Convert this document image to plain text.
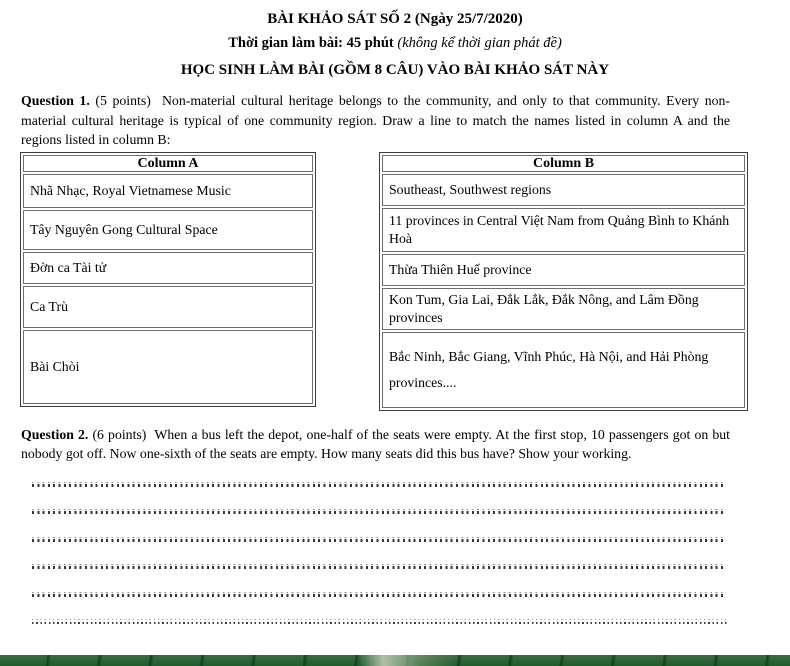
BÀI KHẢO SÁT SỐ 2 (Ngày 25/7/2020)
Thời gian làm bài: 45 phút (không kể thời gian phát đề)
HỌC SINH LÀM BÀI (GỒM 8 CÂU) VÀO BÀI KHẢO SÁT NÀY

Question 1. (5 points) Non-material cultural heritage belongs to the community, and only to that community. Every non-material cultural heritage is typical of one community region. Draw a line to match the names listed in column A and the regions listed in column B:

Column A
Nhã Nhạc, Royal Vietnamese Music
Tây Nguyên Gong Cultural Space
Đờn ca Tài tử
Ca Trù
Bài Chòi
Column B
Southeast, Southwest regions
11 provinces in Central Việt Nam from Quảng Bình to Khánh Hoà
Thừa Thiên Huế province
Kon Tum, Gia Lai, Đắk Lắk, Đắk Nông, and Lâm Đồng provinces
Bắc Ninh, Bắc Giang, Vĩnh Phúc, Hà Nội, and Hải Phòng provinces....

Question 2. (6 points) When a bus left the depot, one-half of the seats were empty. At the first stop, 10 passengers got on but nobody got off. Now one-sixth of the seats are empty. How many seats did this bus have? Show your working.
